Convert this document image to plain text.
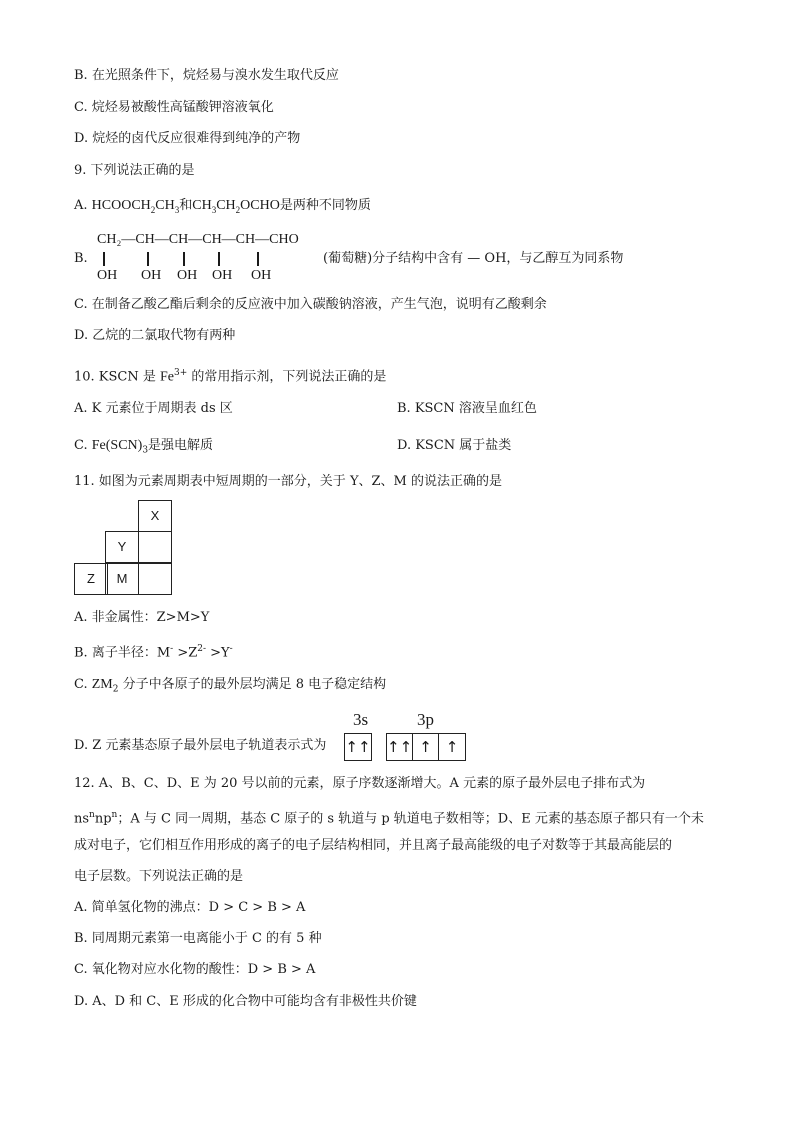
B. 在光照条件下，烷烃易与溴水发生取代反应
C. 烷烃易被酸性高锰酸钾溶液氧化
D. 烷烃的卤代反应很难得到纯净的产物
9. 下列说法正确的是
A. $HCOOCH_2CH_3$和$CH_3CH_2OCHO$是两种不同物质
B.
CH₂—CH—CH—CH—CH—CHO
OH OH OH OH OH
(葡萄糖)分子结构中含有 — OH，与乙醇互为同系物
C. 在制备乙酸乙酯后剩余的反应液中加入碳酸钠溶液，产生气泡，说明有乙酸剩余
D. 乙烷的二氯取代物有两种
10. KSCN 是 $Fe^{3+}$ 的常用指示剂，下列说法正确的是
A. K 元素位于周期表 ds 区	B. KSCN 溶液呈血红色
C. $Fe(SCN)_3$是强电解质	D. KSCN 属于盐类
11. 如图为元素周期表中短周期的一部分，关于 Y、Z、M 的说法正确的是
X
Y
Z	M
A. 非金属性：Z>M>Y
B. 离子半径：$M^- >Z^{2-} >Y^-$
C. $ZM_2$ 分子中各原子的最外层均满足 8 电子稳定结构
D. Z 元素基态原子最外层电子轨道表示式为
3s	3p
↑↑ ↑↑ ↑ ↑
12. A、B、C、D、E 为 20 号以前的元素，原子序数逐渐增大。A 元素的原子最外层电子排布式为
$ns^nnp^n$；A 与 C 同一周期，基态 C 原子的 s 轨道与 p 轨道电子数相等；D、E 元素的基态原子都只有一个未
成对电子，它们相互作用形成的离子的电子层结构相同，并且离子最高能级的电子对数等于其最高能层的
电子层数。下列说法正确的是
A. 简单氢化物的沸点：D > C > B > A
B. 同周期元素第一电离能小于 C 的有 5 种
C. 氧化物对应水化物的酸性：D > B > A
D. A、D 和 C、E 形成的化合物中可能均含有非极性共价键
